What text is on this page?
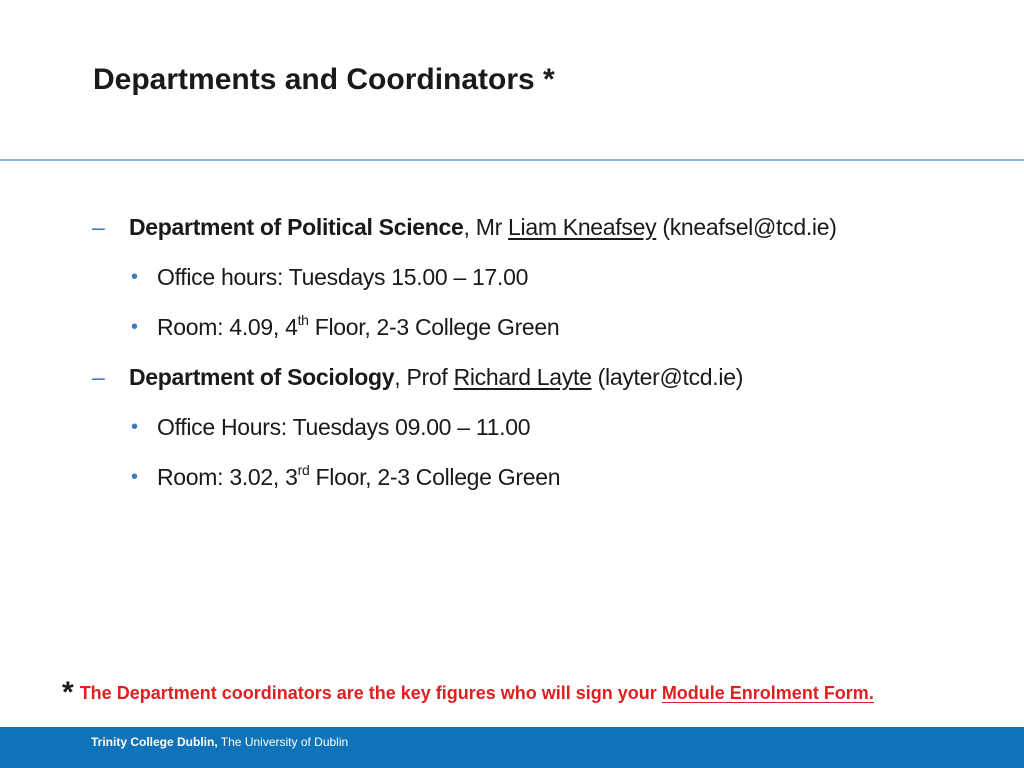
Departments and Coordinators *
– Department of Political Science, Mr Liam Kneafsey (kneafsel@tcd.ie)
• Office hours: Tuesdays 15.00 – 17.00
• Room: 4.09, 4th Floor, 2-3 College Green
– Department of Sociology, Prof Richard Layte (layter@tcd.ie)
• Office Hours: Tuesdays 09.00 – 11.00
• Room: 3.02, 3rd Floor, 2-3 College Green
* The Department coordinators are the key figures who will sign your Module Enrolment Form.
Trinity College Dublin, The University of Dublin
